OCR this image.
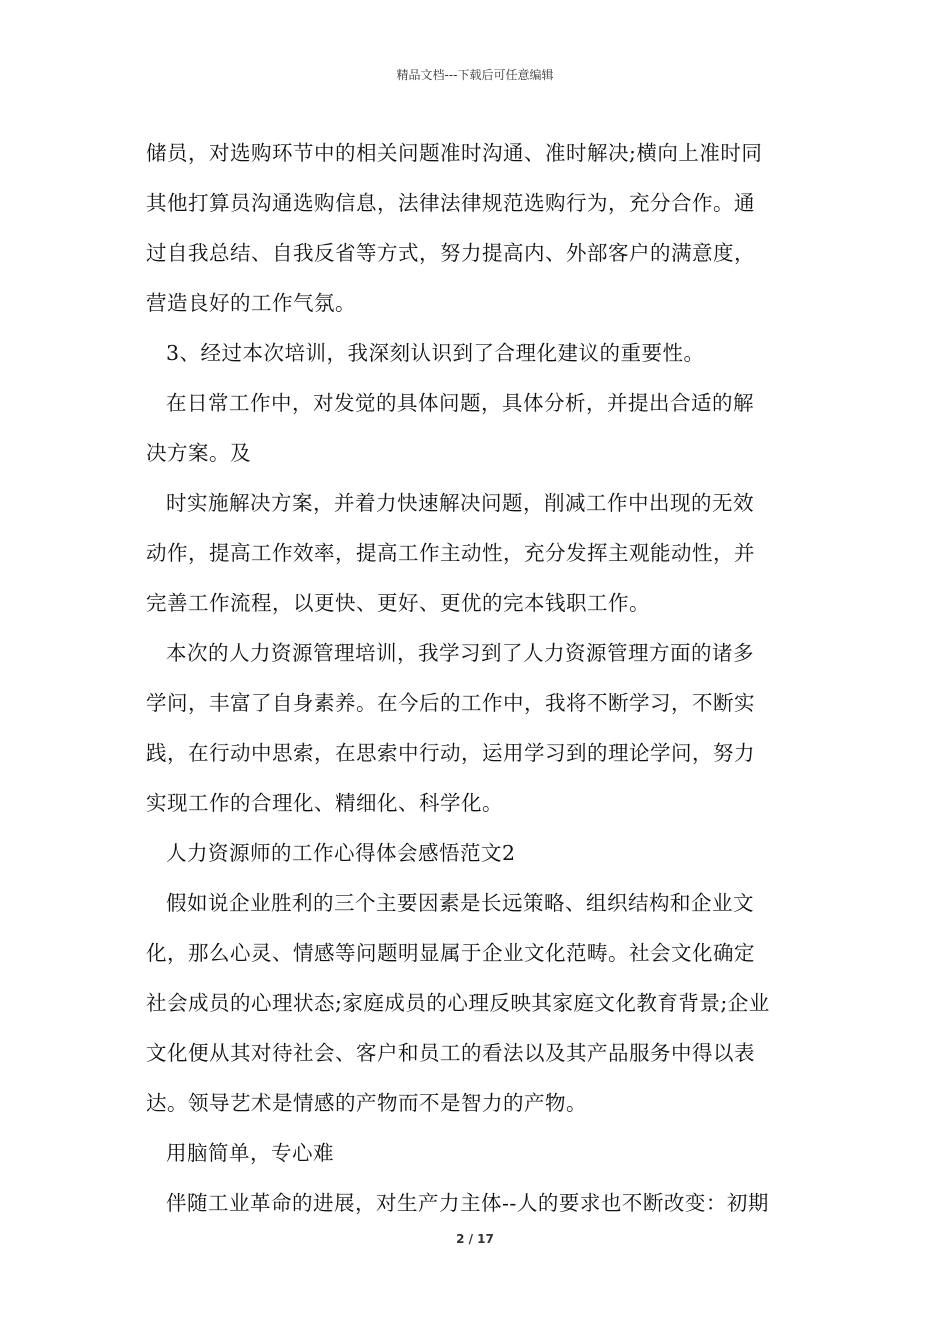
精品文档---下载后可任意编辑

储员，对选购环节中的相关问题准时沟通、准时解决;横向上准时同

其他打算员沟通选购信息，法律法律规范选购行为，充分合作。通

过自我总结、自我反省等方式，努力提高内、外部客户的满意度，

营造良好的工作气氛。

3、经过本次培训，我深刻认识到了合理化建议的重要性。

在日常工作中，对发觉的具体问题，具体分析，并提出合适的解

决方案。及

时实施解决方案，并着力快速解决问题，削减工作中出现的无效

动作，提高工作效率，提高工作主动性，充分发挥主观能动性，并

完善工作流程，以更快、更好、更优的完本钱职工作。

本次的人力资源管理培训，我学习到了人力资源管理方面的诸多

学问，丰富了自身素养。在今后的工作中，我将不断学习，不断实

践，在行动中思索，在思索中行动，运用学习到的理论学问，努力

实现工作的合理化、精细化、科学化。

人力资源师的工作心得体会感悟范文2

假如说企业胜利的三个主要因素是长远策略、组织结构和企业文

化，那么心灵、情感等问题明显属于企业文化范畴。社会文化确定

社会成员的心理状态;家庭成员的心理反映其家庭文化教育背景;企业

文化便从其对待社会、客户和员工的看法以及其产品服务中得以表

达。领导艺术是情感的产物而不是智力的产物。

用脑简单，专心难

伴随工业革命的进展，对生产力主体--人的要求也不断改变：初期

2 / 17
